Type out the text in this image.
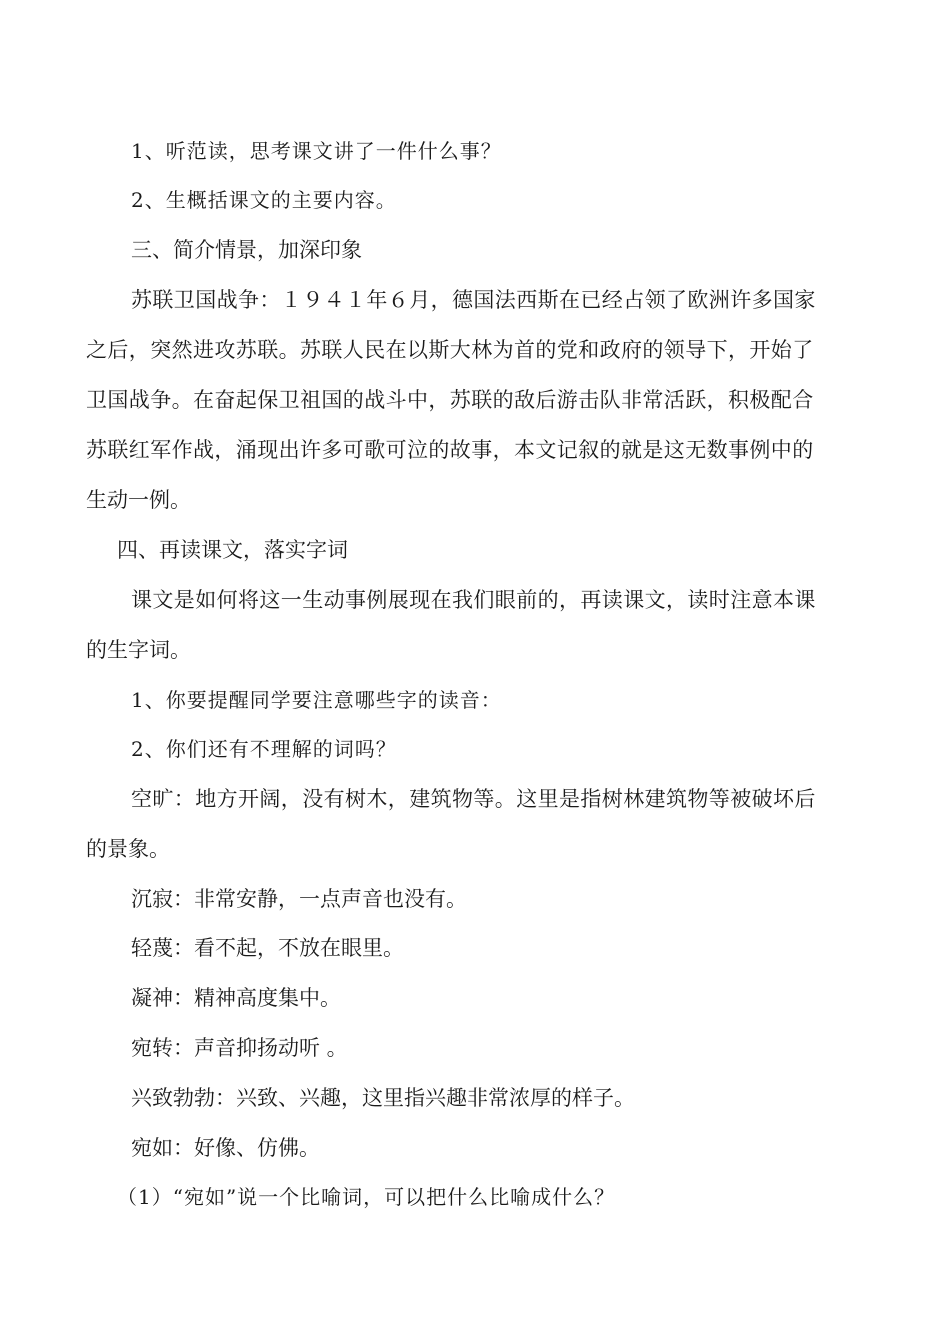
1、听范读，思考课文讲了一件什么事？
2、生概括课文的主要内容。
三、简介情景，加深印象
苏联卫国战争：１９４１年６月，德国法西斯在已经占领了欧洲许多国家
之后，突然进攻苏联。苏联人民在以斯大林为首的党和政府的领导下，开始了
卫国战争。在奋起保卫祖国的战斗中，苏联的敌后游击队非常活跃，积极配合
苏联红军作战，涌现出许多可歌可泣的故事，本文记叙的就是这无数事例中的
生动一例。
四、再读课文，落实字词
课文是如何将这一生动事例展现在我们眼前的，再读课文，读时注意本课
的生字词。
1、你要提醒同学要注意哪些字的读音：
2、你们还有不理解的词吗？
空旷：地方开阔，没有树木，建筑物等。这里是指树林建筑物等被破坏后
的景象。
沉寂：非常安静，一点声音也没有。
轻蔑：看不起，不放在眼里。
凝神：精神高度集中。
宛转：声音抑扬动听 。
兴致勃勃：兴致、兴趣，这里指兴趣非常浓厚的样子。
宛如：好像、仿佛。
（1）“宛如”说一个比喻词，可以把什么比喻成什么？
